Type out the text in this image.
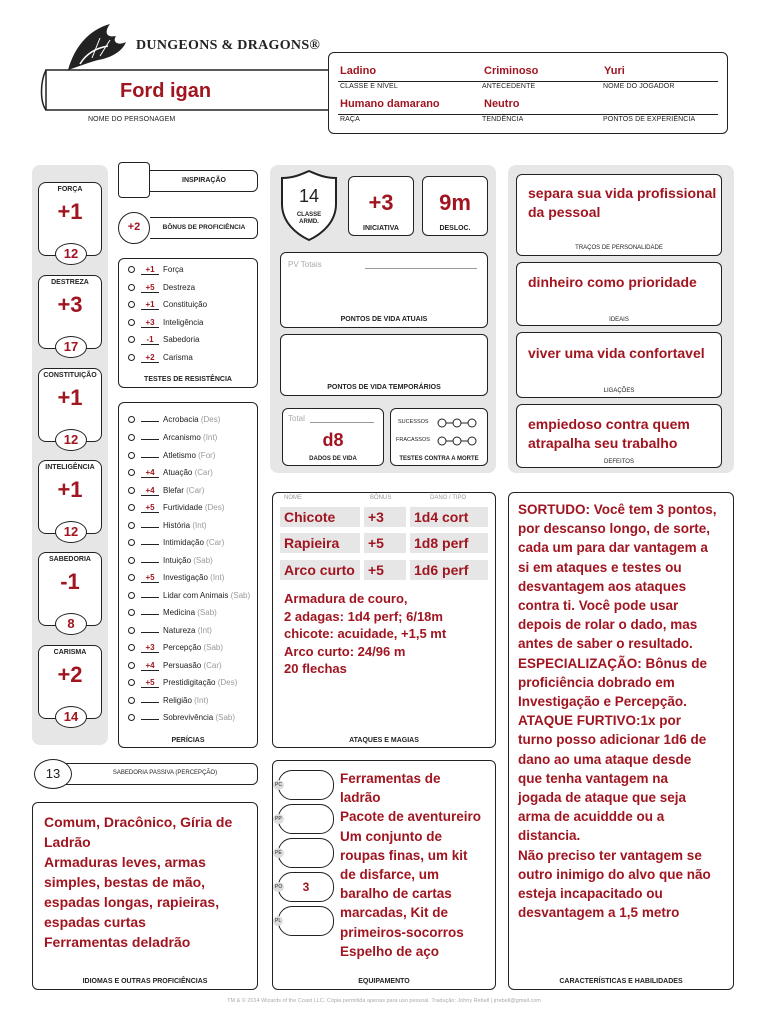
DUNGEONS & DRAGONS®
Ford igan
NOME DO PERSONAGEM
Ladino	Criminoso	Yuri
CLASSE E NÍVEL	ANTECEDENTE	NOME DO JOGADOR
Humano damarano	Neutro
RAÇA	TENDÊNCIA	PONTOS DE EXPERIÊNCIA
FORÇA
+1
12
DESTREZA
+3
17
CONSTITUIÇÃO
+1
12
INTELIGÊNCIA
+1
12
SABEDORIA
-1
8
CARISMA
+2
14
INSPIRAÇÃO
+2	BÔNUS DE PROFICIÊNCIA
+1 Força
+5 Destreza
+1 Constituição
+3 Inteligência
-1 Sabedoria
+2 Carisma
TESTES DE RESISTÊNCIA
Acrobacia (Des)
Arcanismo (Int)
Atletismo (For)
+4 Atuação (Car)
+4 Blefar (Car)
+5 Furtividade (Des)
História (Int)
Intimidação (Car)
Intuição (Sab)
+5 Investigação (Int)
Lidar com Animais (Sab)
Medicina (Sab)
Natureza (Int)
+3 Percepção (Sab)
+4 Persuasão (Car)
+5 Prestidigitação (Des)
Religião (Int)
Sobrevivência (Sab)
PERÍCIAS
13	SABEDORIA PASSIVA (PERCEPÇÃO)
Comum, Dracônico, Gíria de
Ladrão
Armaduras leves, armas
simples, bestas de mão,
espadas longas, rapieiras,
espadas curtas
Ferramentas deladrão
IDIOMAS E OUTRAS PROFICIÊNCIAS
14
CLASSE ARMD.
+3
INICIATIVA
9m
DESLOC.
PV Totais
PONTOS DE VIDA ATUAIS
PONTOS DE VIDA TEMPORÁRIOS
Total
d8
DADOS DE VIDA
SUCESSOS
FRACASSOS
TESTES CONTRA A MORTE
NOME	BÔNUS	DANO / TIPO
Chicote	+3	1d4 cort
Rapieira	+5	1d8 perf
Arco curto +5	1d6 perf
Armadura de couro,
2 adagas: 1d4 perf; 6/18m
chicote: acuidade, +1,5 mt
Arco curto: 24/96 m
20 flechas
ATAQUES E MAGIAS
PC
PP
PE
PO	3
PL
Ferramentas de
ladrão
Pacote de aventureiro
Um conjunto de
roupas finas, um kit
de disfarce, um
baralho de cartas
marcadas, Kit de
primeiros-socorros
Espelho de aço
EQUIPAMENTO
separa sua vida profissional da pessoal
TRAÇOS DE PERSONALIDADE
dinheiro como prioridade
IDEAIS
viver uma vida confortavel
LIGAÇÕES
empiedoso contra quem atrapalha seu trabalho
DEFEITOS
SORTUDO: Você tem 3 pontos,
por descanso longo, de sorte,
cada um para dar vantagem a
si em ataques e testes ou
desvantagem aos ataques
contra ti. Você pode usar
depois de rolar o dado, mas
antes de saber o resultado.
ESPECIALIZAÇÃO: Bônus de
proficiência dobrado em
Investigação e Percepção.
ATAQUE FURTIVO:1x por
turno posso adicionar 1d6 de
dano ao uma ataque desde
que tenha vantagem na
jogada de ataque que seja
arma de acuiddde ou a
distancia.
Não preciso ter vantagem se
outro inimigo do alvo que não
esteja incapacitado ou
desvantagem a 1,5 metro
CARACTERÍSTICAS E HABILIDADES
TM & © 2014 Wizards of the Coast LLC. Cópia permitida apenas para uso pessoal. Tradução: Johny Rebell | jrrebell@gmail.com
